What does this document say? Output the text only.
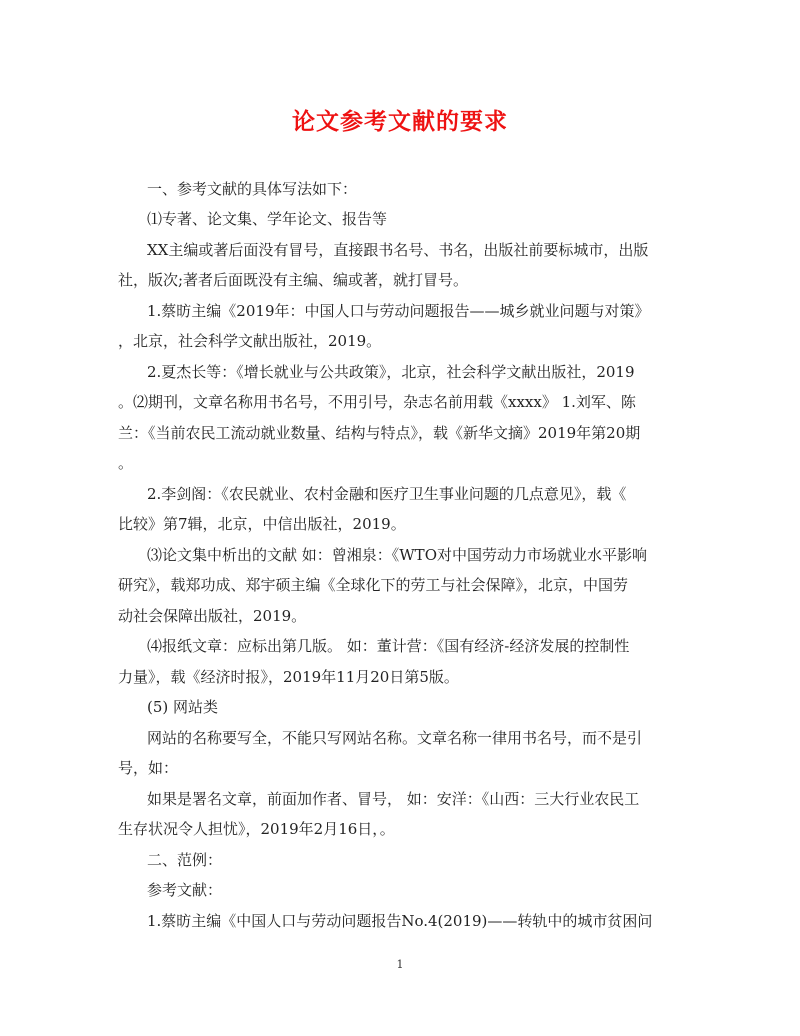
论文参考文献的要求
一、参考文献的具体写法如下：
⑴专著、论文集、学年论文、报告等
XX主编或著后面没有冒号，直接跟书名号、书名，出版社前要标城市，出版
社，版次;著者后面既没有主编、编或著，就打冒号。
1.蔡昉主编《2019年：中国人口与劳动问题报告——城乡就业问题与对策》
，北京，社会科学文献出版社，2019。
2.夏杰长等：《增长就业与公共政策》，北京，社会科学文献出版社，2019
。⑵期刊，文章名称用书名号，不用引号，杂志名前用载《xxxx》 1.刘军、陈
兰：《当前农民工流动就业数量、结构与特点》，载《新华文摘》2019年第20期
。
2.李剑阁：《农民就业、农村金融和医疗卫生事业问题的几点意见》，载《
比较》第7辑，北京，中信出版社，2019。
⑶论文集中析出的文献 如：曾湘泉：《WTO对中国劳动力市场就业水平影响
研究》，载郑功成、郑宇硕主编《全球化下的劳工与社会保障》，北京，中国劳
动社会保障出版社，2019。
⑷报纸文章：应标出第几版。 如：董计营：《国有经济-经济发展的控制性
力量》，载《经济时报》，2019年11月20日第5版。
(5) 网站类
网站的名称要写全，不能只写网站名称。文章名称一律用书名号，而不是引
号，如：
如果是署名文章，前面加作者、冒号， 如：安洋：《山西：三大行业农民工
生存状况令人担忧》，2019年2月16日，。
二、范例：
参考文献：
1.蔡昉主编《中国人口与劳动问题报告No.4(2019)——转轨中的城市贫困问
1
